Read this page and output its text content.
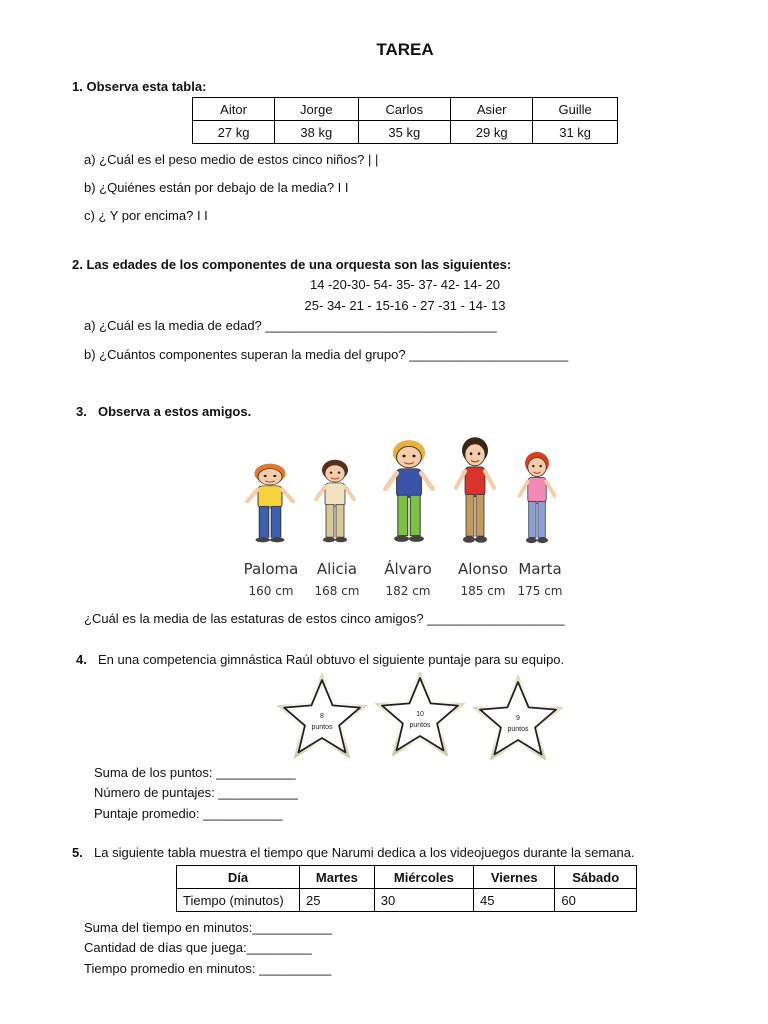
TAREA
1. Observa esta tabla:
Aitor	Jorge	Carlos	Asier	Guille
27 kg	38 kg	35 kg	29 kg	31 kg
a) ¿Cuál es el peso medio de estos cinco niños? | |
b) ¿Quiénes están por debajo de la media? I I
c) ¿ Y por encima? I I
2. Las edades de los componentes de una orquesta son las siguientes:
14 -20-30- 54- 35- 37- 42- 14- 20
25- 34- 21 - 15-16 - 27 -31 - 14- 13
a) ¿Cuál es la media de edad? ________________________________
b) ¿Cuántos componentes superan la media del grupo? ______________________
3. Observa a estos amigos.
Paloma
160 cm
Alicia
168 cm
Álvaro
182 cm
Alonso
185 cm
Marta
175 cm
¿Cuál es la media de las estaturas de estos cinco amigos? ___________________
4. En una competencia gimnástica Raúl obtuvo el siguiente puntaje para su equipo.
8
puntos
10
puntos
9
puntos
Suma de los puntos: ___________
Número de puntajes: ___________
Puntaje promedio: ___________
5. La siguiente tabla muestra el tiempo que Narumi dedica a los videojuegos durante la semana.
Día	Martes	Miércoles	Viernes	Sábado
Tiempo (minutos)	25	30	45	60
Suma del tiempo en minutos:___________
Cantidad de días que juega:_________
Tiempo promedio en minutos: __________
